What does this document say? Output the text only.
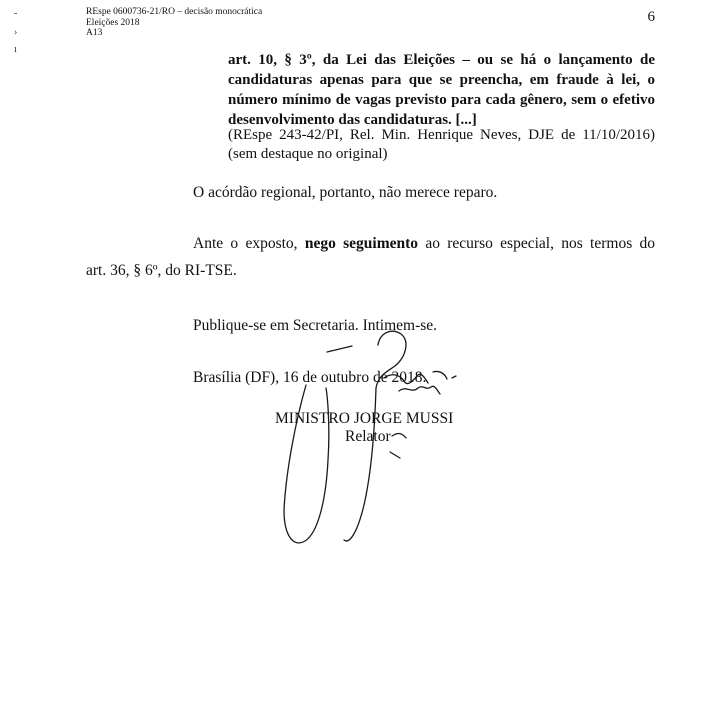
REspe 0600736-21/RO – decisão monocrática
Eleições 2018
A13
6
-
›
ı
art. 10, § 3º, da Lei das Eleições – ou se há o lançamento de
candidaturas apenas para que se preencha, em fraude à lei, o
número mínimo de vagas previsto para cada gênero, sem o efetivo
desenvolvimento das candidaturas. [...]
(REspe 243-42/PI, Rel. Min. Henrique Neves, DJE de 11/10/2016)
(sem destaque no original)
O acórdão regional, portanto, não merece reparo.
Ante o exposto, nego seguimento ao recurso especial, nos termos do
art. 36, § 6º, do RI-TSE.
Publique-se em Secretaria. Intimem-se.
Brasília (DF), 16 de outubro de 2018.
MINISTRO JORGE MUSSI
Relator
